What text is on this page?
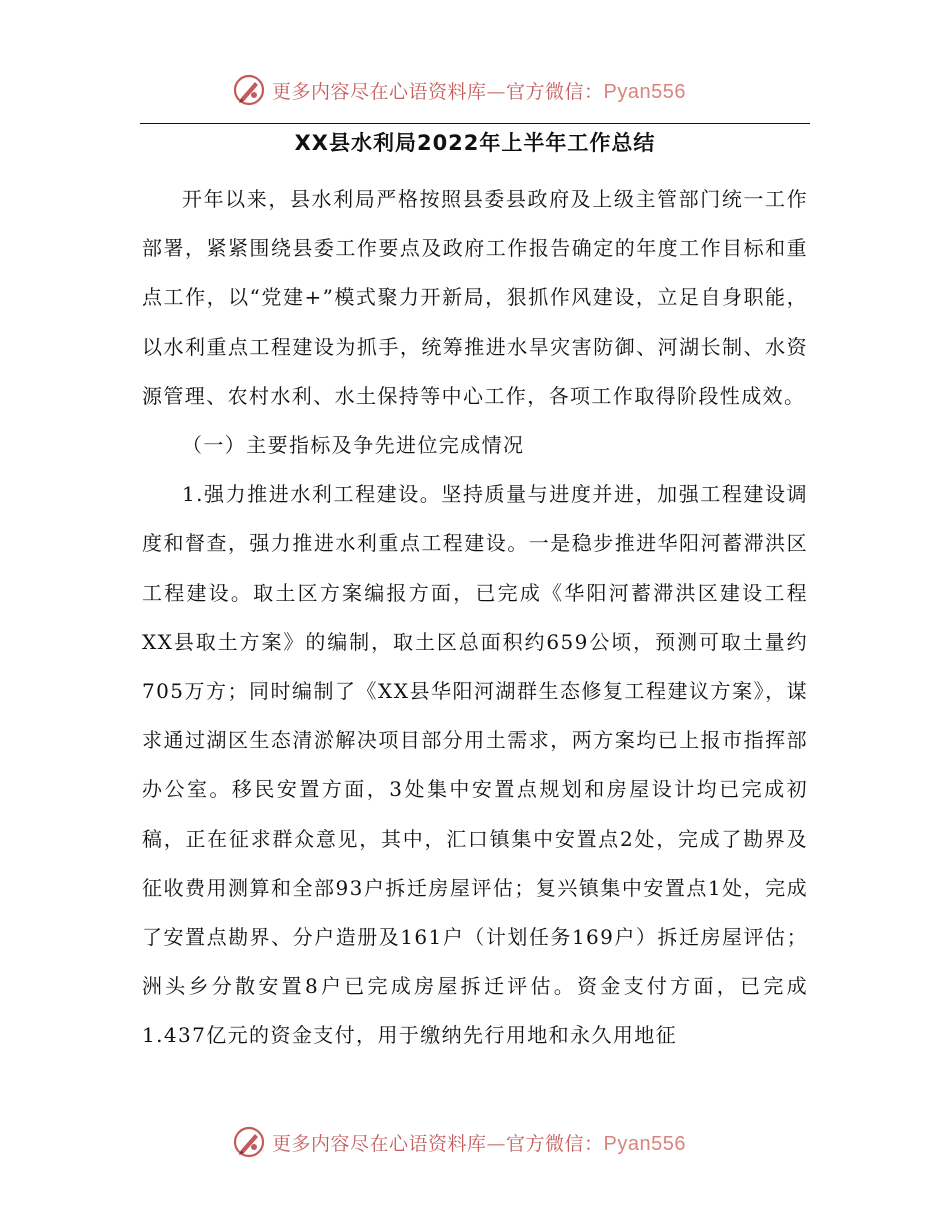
更多内容尽在心语资料库—官方微信：Pyan556
XX县水利局2022年上半年工作总结

开年以来，县水利局严格按照县委县政府及上级主管部门统一工作部署，紧紧围绕县委工作要点及政府工作报告确定的年度工作目标和重点工作，以“党建+”模式聚力开新局，狠抓作风建设，立足自身职能，以水利重点工程建设为抓手，统筹推进水旱灾害防御、河湖长制、水资源管理、农村水利、水土保持等中心工作，各项工作取得阶段性成效。

（一）主要指标及争先进位完成情况

1.强力推进水利工程建设。坚持质量与进度并进，加强工程建设调度和督查，强力推进水利重点工程建设。一是稳步推进华阳河蓄滞洪区工程建设。取土区方案编报方面，已完成《华阳河蓄滞洪区建设工程XX县取土方案》的编制，取土区总面积约659公顷，预测可取土量约705万方；同时编制了《XX县华阳河湖群生态修复工程建议方案》，谋求通过湖区生态清淤解决项目部分用土需求，两方案均已上报市指挥部办公室。移民安置方面，3处集中安置点规划和房屋设计均已完成初稿，正在征求群众意见，其中，汇口镇集中安置点2处，完成了勘界及征收费用测算和全部93户拆迁房屋评估；复兴镇集中安置点1处，完成了安置点勘界、分户造册及161户（计划任务169户）拆迁房屋评估；洲头乡分散安置8户已完成房屋拆迁评估。资金支付方面，已完成1.437亿元的资金支付，用于缴纳先行用地和永久用地征

更多内容尽在心语资料库—官方微信：Pyan556
